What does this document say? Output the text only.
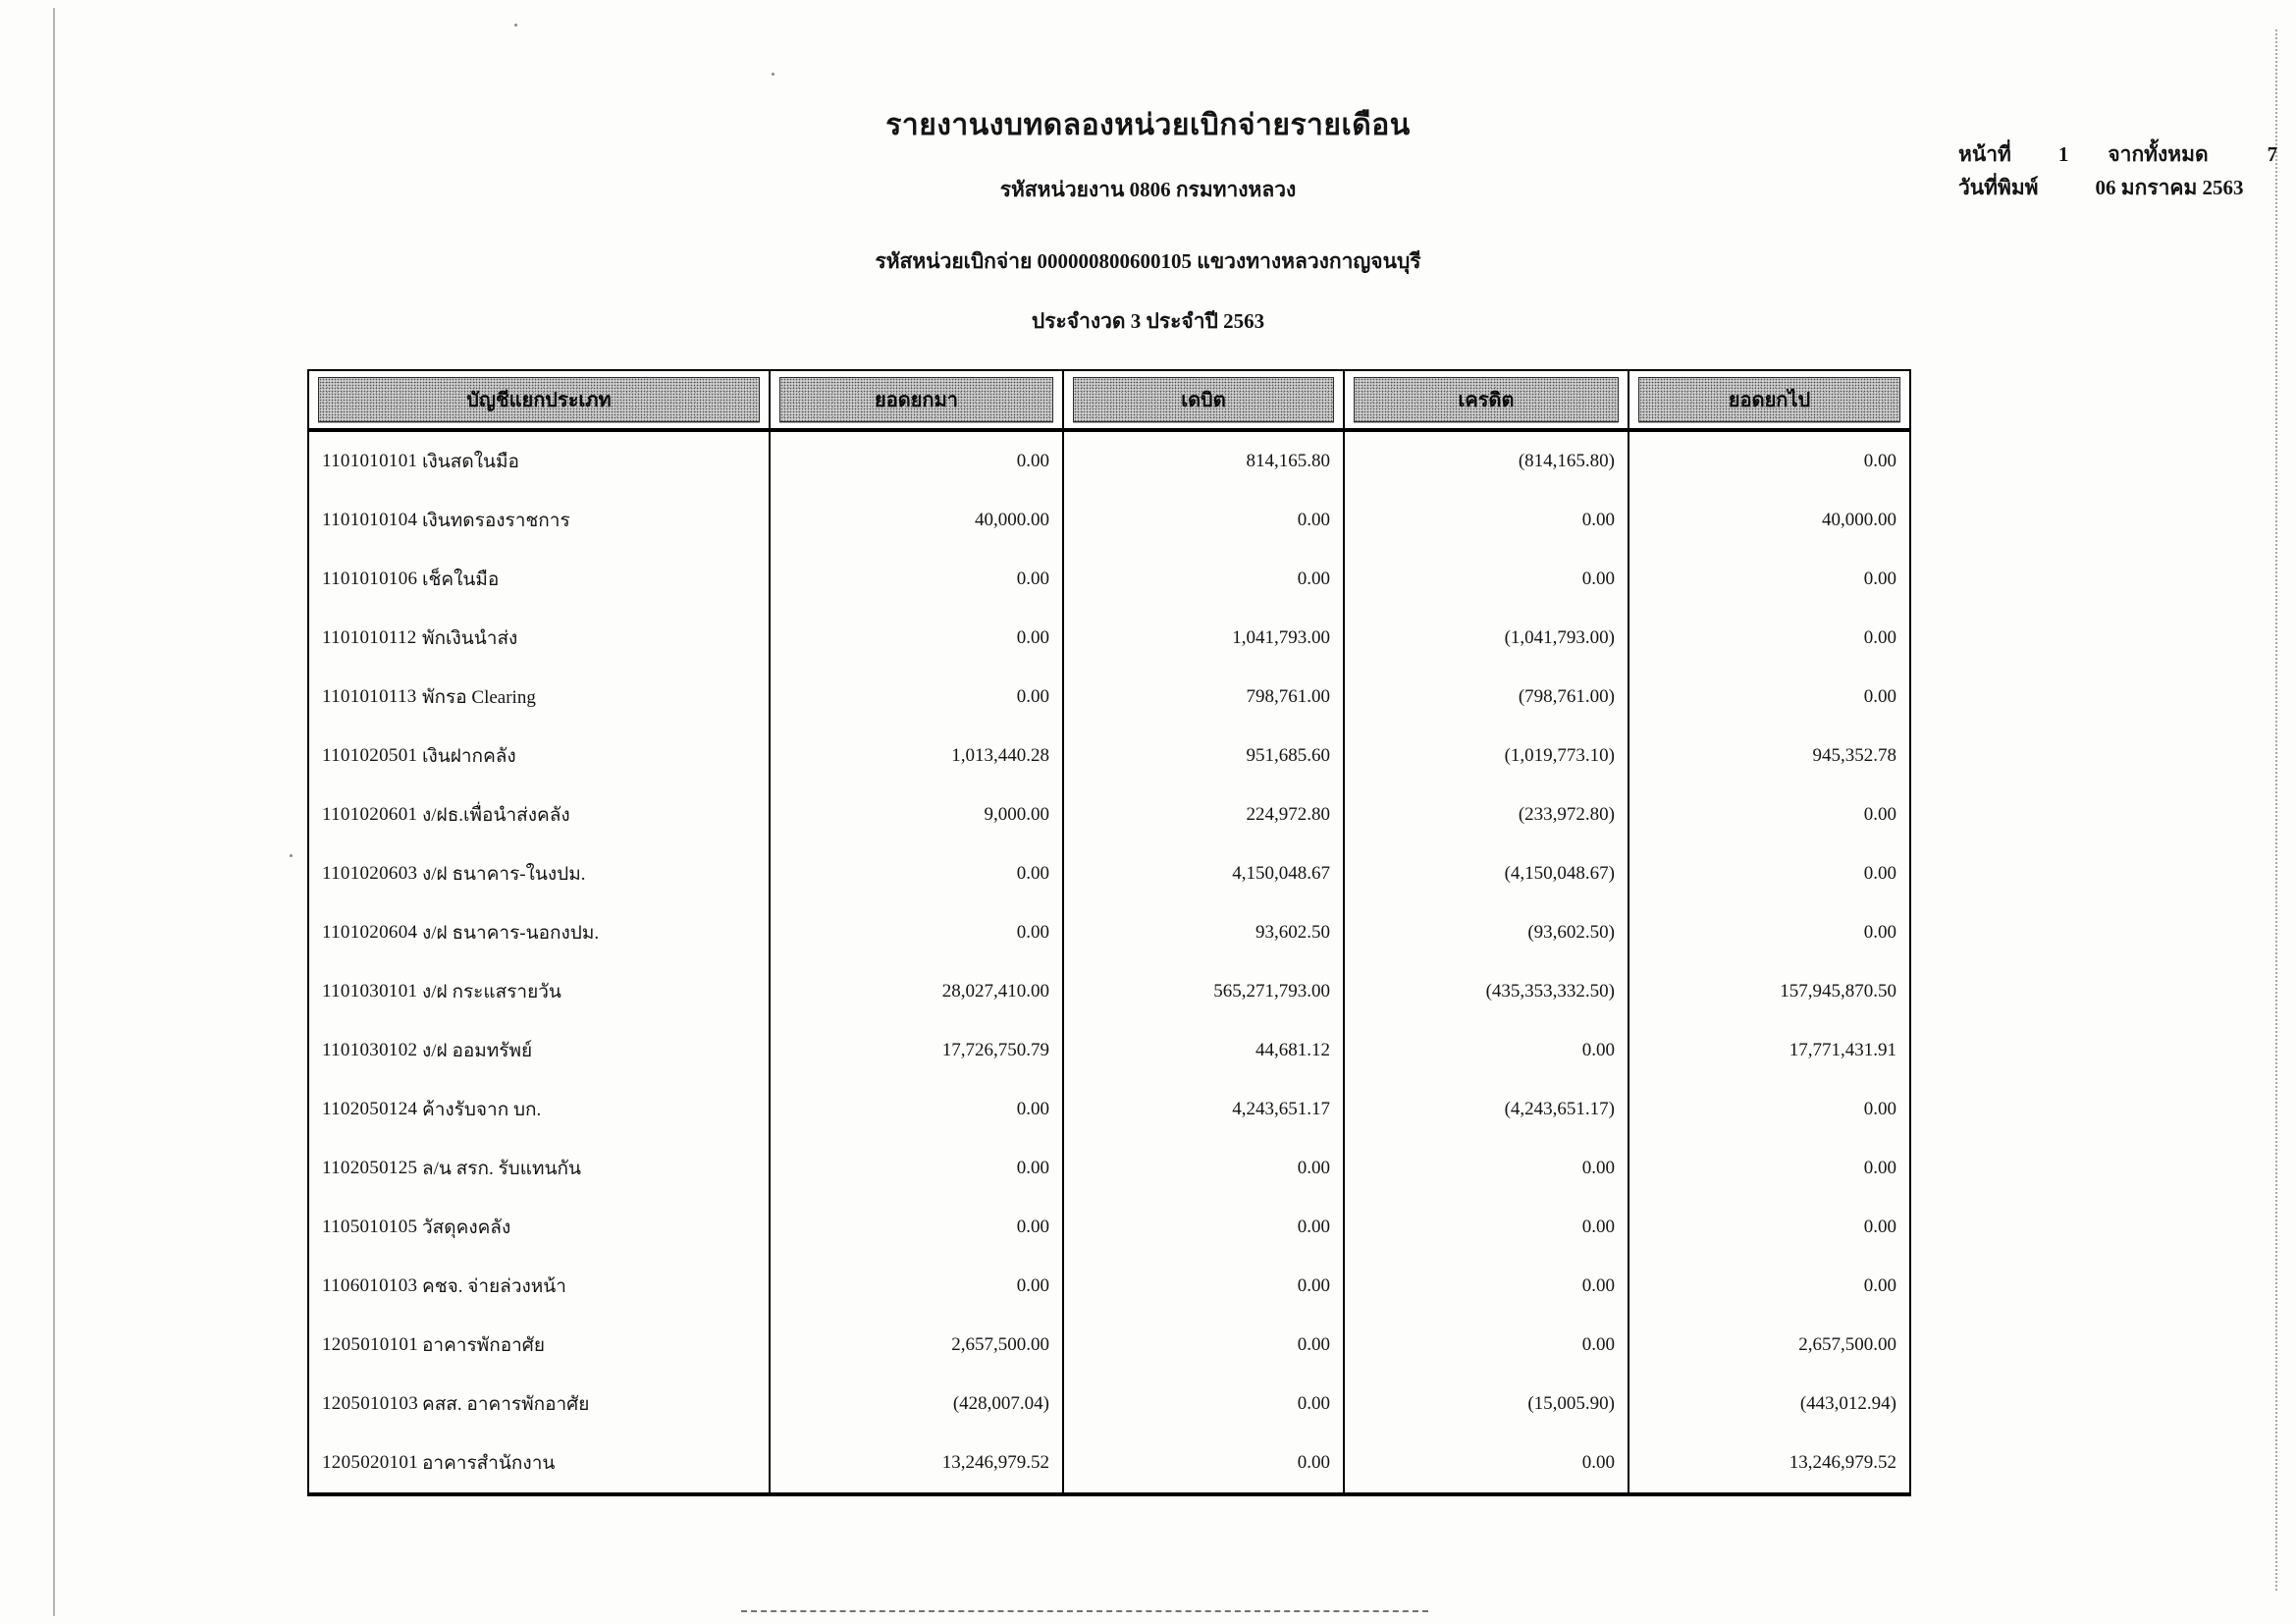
รายงานงบทดลองหน่วยเบิกจ่ายรายเดือน
รหัสหน่วยงาน 0806 กรมทางหลวง
รหัสหน่วยเบิกจ่าย 000000800600105 แขวงทางหลวงกาญจนบุรี
ประจำงวด 3 ประจำปี 2563
หน้าที่ 1 จากทั้งหมด	7
วันที่พิมพ์	06 มกราคม 2563
บัญชีแยกประเภท	ยอดยกมา	เดบิต	เครดิต	ยอดยกไป
1101010101 เงินสดในมือ	0.00	814,165.80	(814,165.80)	0.00
1101010104 เงินทดรองราชการ	40,000.00	0.00	0.00	40,000.00
1101010106 เช็คในมือ	0.00	0.00	0.00	0.00
1101010112 พักเงินนำส่ง	0.00	1,041,793.00	(1,041,793.00)	0.00
1101010113 พักรอ Clearing	0.00	798,761.00	(798,761.00)	0.00
1101020501 เงินฝากคลัง	1,013,440.28	951,685.60	(1,019,773.10)	945,352.78
1101020601 ง/ฝธ.เพื่อนำส่งคลัง	9,000.00	224,972.80	(233,972.80)	0.00
1101020603 ง/ฝ ธนาคาร-ในงปม.	0.00	4,150,048.67	(4,150,048.67)	0.00
1101020604 ง/ฝ ธนาคาร-นอกงปม.	0.00	93,602.50	(93,602.50)	0.00
1101030101 ง/ฝ กระแสรายวัน	28,027,410.00	565,271,793.00	(435,353,332.50)	157,945,870.50
1101030102 ง/ฝ ออมทรัพย์	17,726,750.79	44,681.12	0.00	17,771,431.91
1102050124 ค้างรับจาก บก.	0.00	4,243,651.17	(4,243,651.17)	0.00
1102050125 ล/น สรก. รับแทนกัน	0.00	0.00	0.00	0.00
1105010105 วัสดุคงคลัง	0.00	0.00	0.00	0.00
1106010103 คชจ. จ่ายล่วงหน้า	0.00	0.00	0.00	0.00
1205010101 อาคารพักอาศัย	2,657,500.00	0.00	0.00	2,657,500.00
1205010103 คสส. อาคารพักอาศัย	(428,007.04)	0.00	(15,005.90)	(443,012.94)
1205020101 อาคารสำนักงาน	13,246,979.52	0.00	0.00	13,246,979.52
